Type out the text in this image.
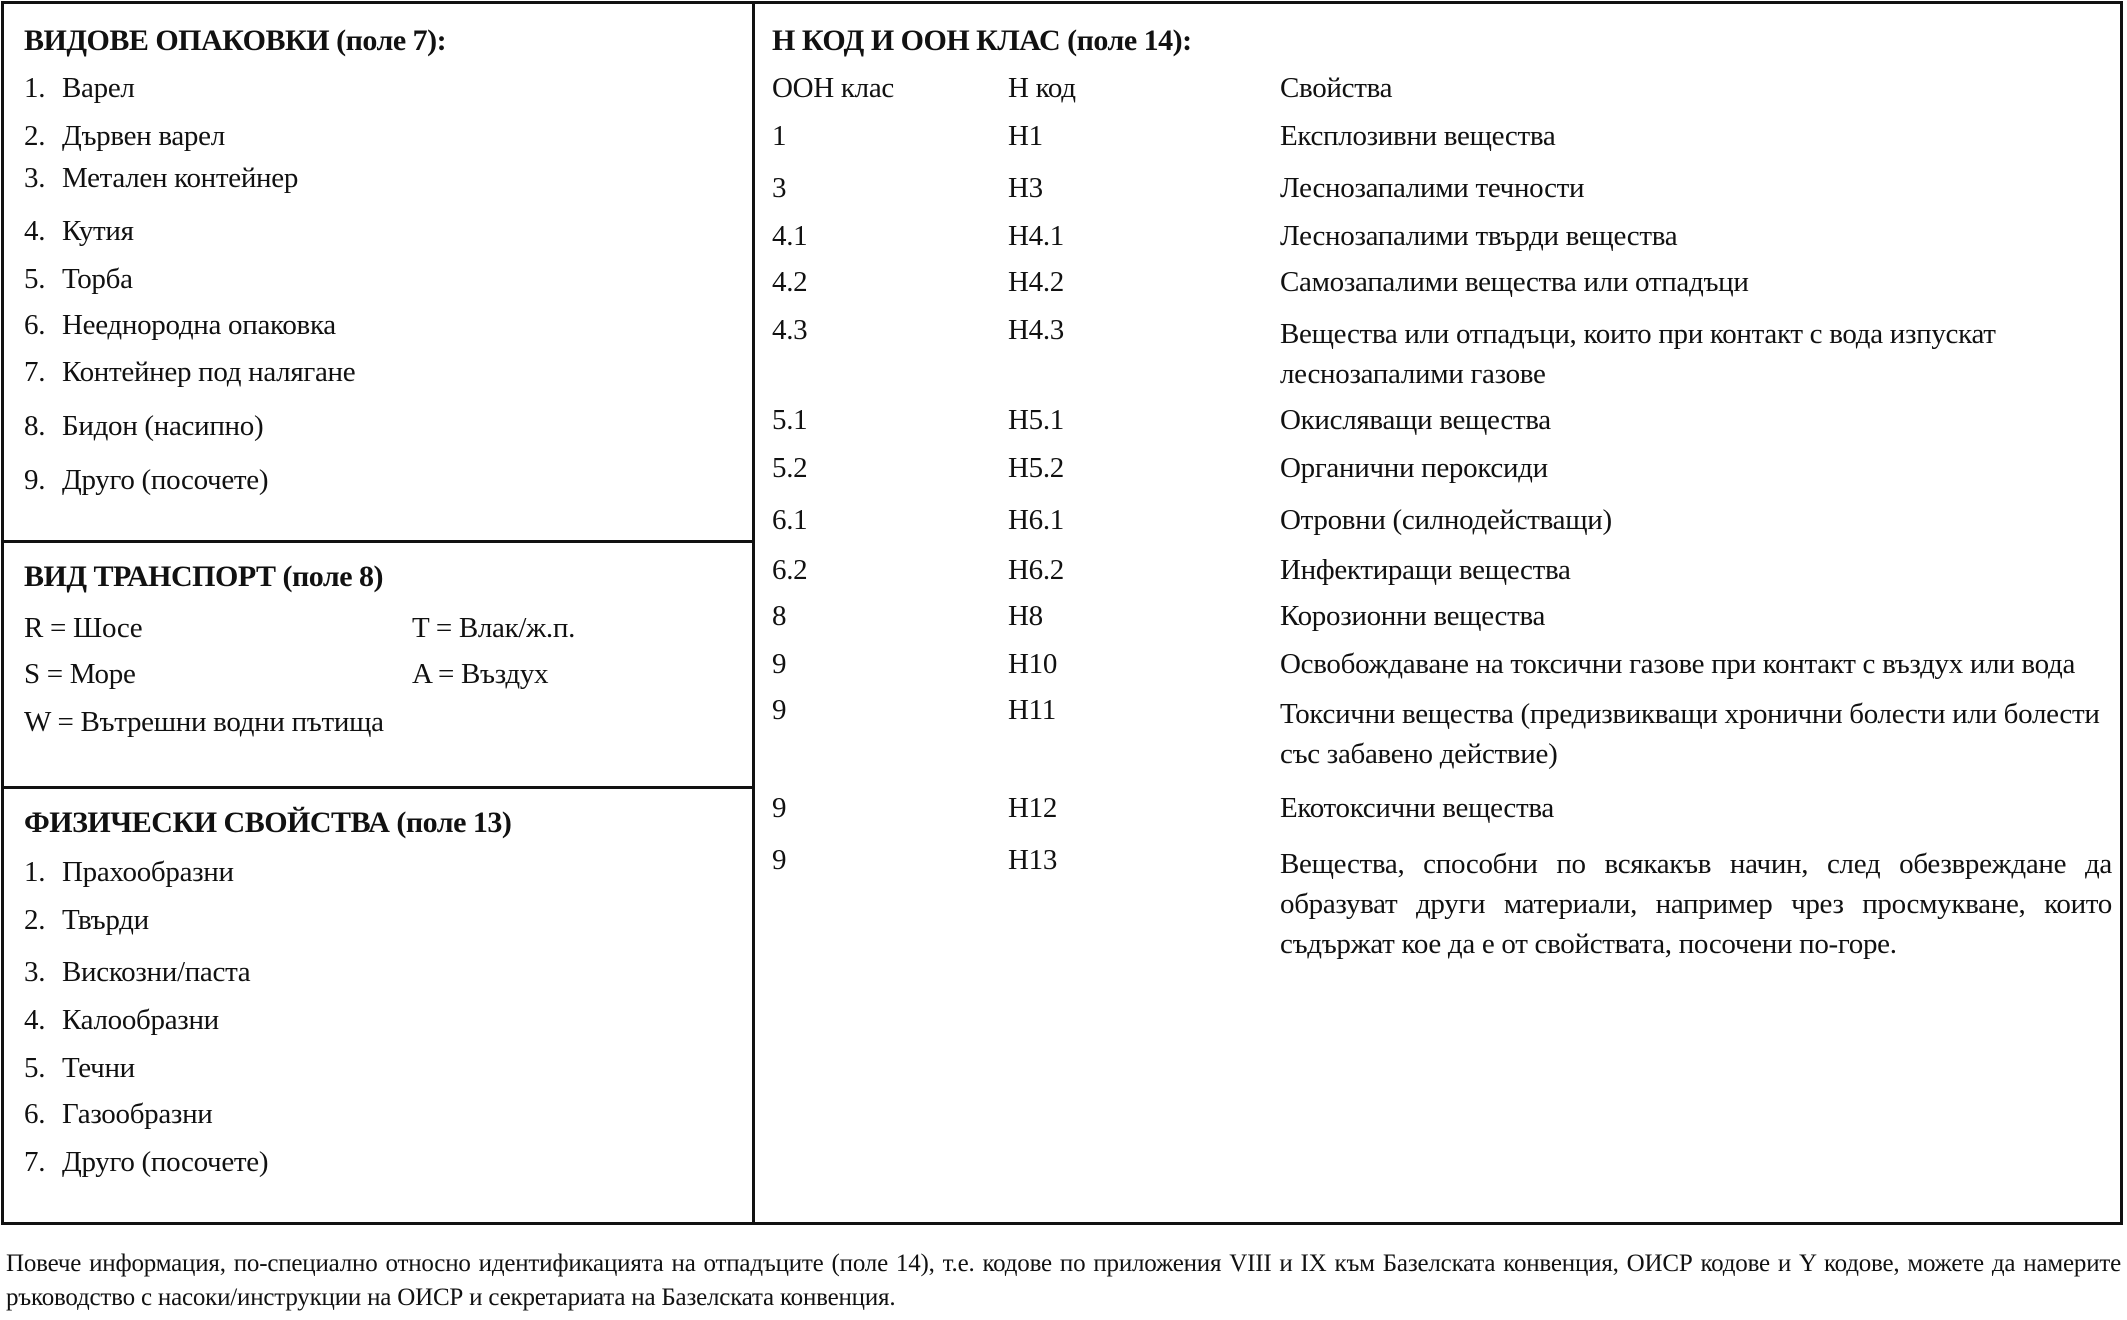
ВИДОВЕ ОПАКОВКИ (поле 7):
1. Варел
2. Дървен варел
3. Метален контейнер
4. Кутия
5. Торба
6. Нееднородна опаковка
7. Контейнер под налягане
8. Бидон (насипно)
9. Друго (посочете)
ВИД ТРАНСПОРТ (поле 8)
R = Шосе	T = Влак/ж.п.
S = Море	A = Въздух
W = Вътрешни водни пътища
ФИЗИЧЕСКИ СВОЙСТВА (поле 13)
1. Прахообразни
2. Твърди
3. Вискозни/паста
4. Калообразни
5. Течни
6. Газообразни
7. Друго (посочете)
Н КОД И ООН КЛАС (поле 14):
ООН клас	Н код	Свойства
1	Н1	Експлозивни вещества
3	Н3	Леснозапалими течности
4.1	Н4.1	Леснозапалими твърди вещества
4.2	Н4.2	Самозапалими вещества или отпадъци
4.3	Н4.3	Вещества или отпадъци, които при контакт с вода изпускат леснозапалими газове
5.1	Н5.1	Окисляващи вещества
5.2	Н5.2	Органични пероксиди
6.1	Н6.1	Отровни (силнодействащи)
6.2	Н6.2	Инфектиращи вещества
8	Н8	Корозионни вещества
9	Н10	Освобождаване на токсични газове при контакт с въздух или вода
9	Н11	Токсични вещества (предизвикващи хронични болести или болести със забавено действие)
9	Н12	Екотоксични вещества
9	Н13	Вещества, способни по всякакъв начин, след обезвреждане да образуват други материали, например чрез просмукване, които съдържат кое да е от свойствата, посочени по-горе.
Повече информация, по-специално относно идентификацията на отпадъците (поле 14), т.е. кодове по приложения VIII и IX към Базелската конвенция, ОИСР кодове и Y кодове, можете да намерите ръководство с насоки/инструкции на ОИСР и секретариата на Базелската конвенция.
